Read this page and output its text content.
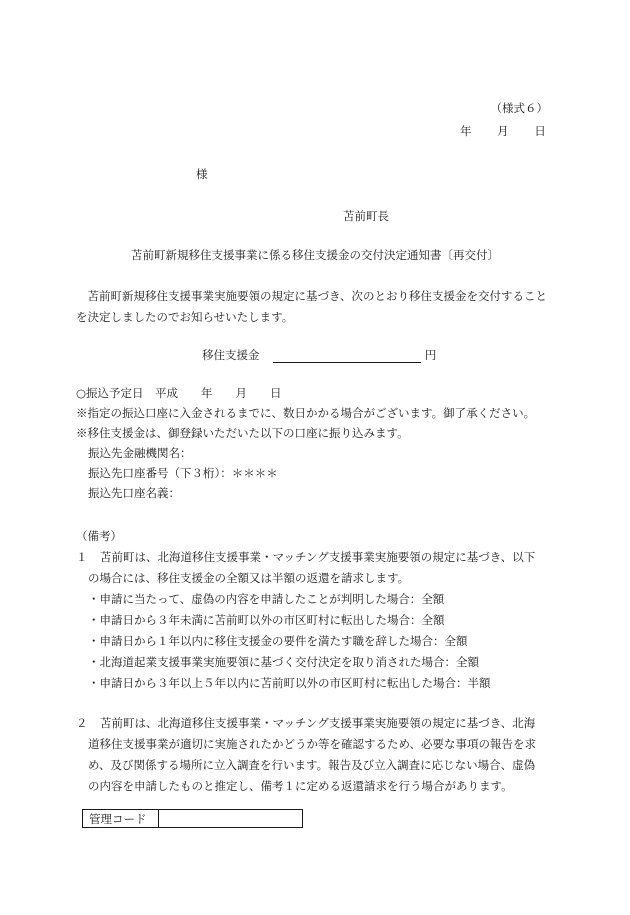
（様式６）
年 月 日
様
苫前町長
苫前町新規移住支援事業に係る移住支援金の交付決定通知書〔再交付〕

苫前町新規移住支援事業実施要領の規定に基づき、次のとおり移住支援金を交付することを決定しましたのでお知らせいたします。

移住支援金	円
○振込予定日　平成　　年　　月　　日
※指定の振込口座に入金されるまでに、数日かかる場合がございます。御了承ください。
※移住支援金は、御登録いただいた以下の口座に振り込みます。
振込先金融機関名：
振込先口座番号（下３桁）：＊＊＊＊
振込先口座名義：
（備考）
１	苫前町は、北海道移住支援事業・マッチング支援事業実施要領の規定に基づき、以下
の場合には、移住支援金の全額又は半額の返還を請求します。
・申請に当たって、虚偽の内容を申請したことが判明した場合：全額
・申請日から３年未満に苫前町以外の市区町村に転出した場合：全額
・申請日から１年以内に移住支援金の要件を満たす職を辞した場合：全額
・北海道起業支援事業実施要領に基づく交付決定を取り消された場合：全額
・申請日から３年以上５年以内に苫前町以外の市区町村に転出した場合：半額
２	苫前町は、北海道移住支援事業・マッチング支援事業実施要領の規定に基づき、北海
道移住支援事業が適切に実施されたかどうか等を確認するため、必要な事項の報告を求
め、及び関係する場所に立入調査を行います。報告及び立入調査に応じない場合、虚偽
の内容を申請したものと推定し、備考１に定める返還請求を行う場合があります。
管理コード	
